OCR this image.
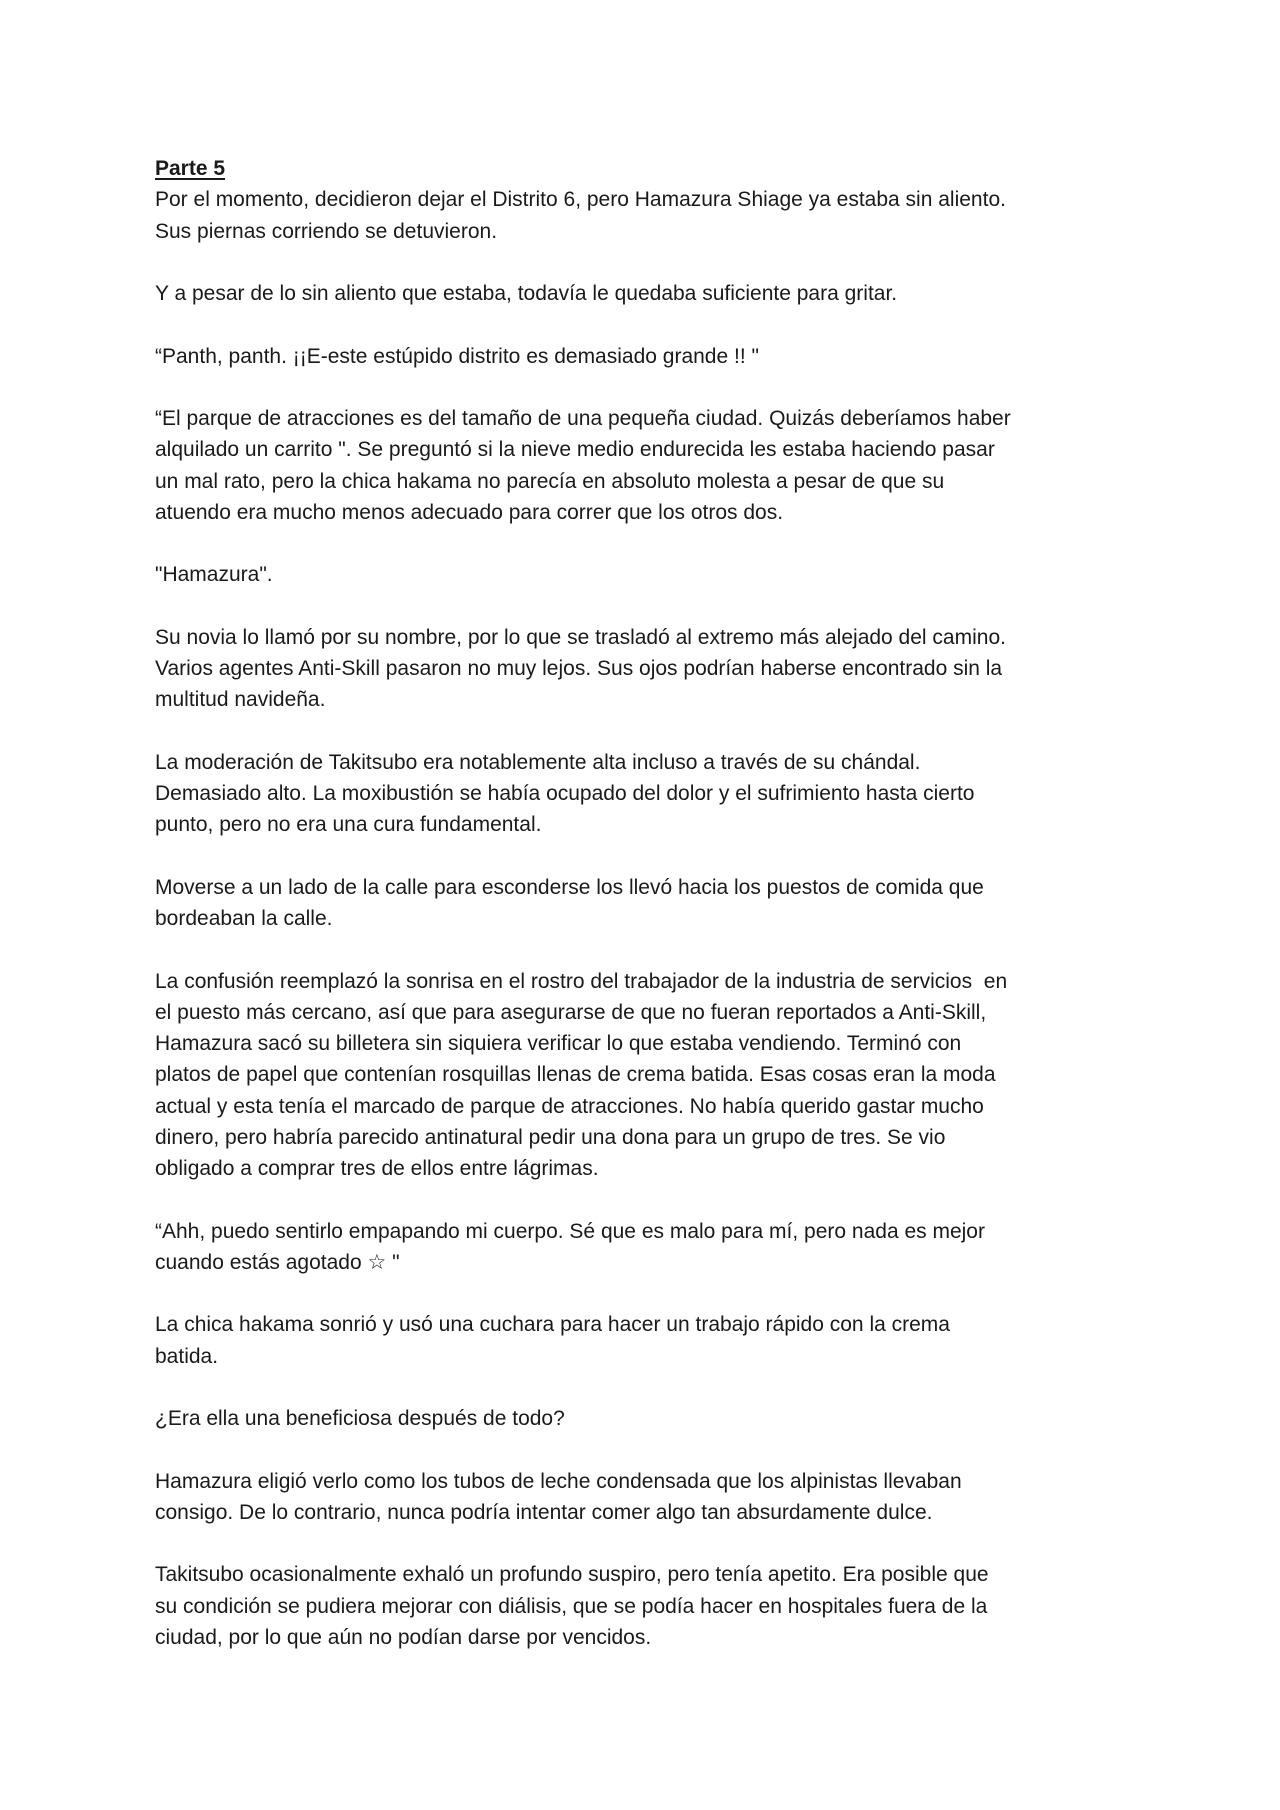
Parte 5
Por el momento, decidieron dejar el Distrito 6, pero Hamazura Shiage ya estaba sin aliento.
Sus piernas corriendo se detuvieron.
Y a pesar de lo sin aliento que estaba, todavía le quedaba suficiente para gritar.
“Panth, panth. ¡¡E-este estúpido distrito es demasiado grande !! "
“El parque de atracciones es del tamaño de una pequeña ciudad. Quizás deberíamos haber
alquilado un carrito ". Se preguntó si la nieve medio endurecida les estaba haciendo pasar
un mal rato, pero la chica hakama no parecía en absoluto molesta a pesar de que su
atuendo era mucho menos adecuado para correr que los otros dos.
"Hamazura".
Su novia lo llamó por su nombre, por lo que se trasladó al extremo más alejado del camino.
Varios agentes Anti-Skill pasaron no muy lejos. Sus ojos podrían haberse encontrado sin la
multitud navideña.
La moderación de Takitsubo era notablemente alta incluso a través de su chándal.
Demasiado alto. La moxibustión se había ocupado del dolor y el sufrimiento hasta cierto
punto, pero no era una cura fundamental.
Moverse a un lado de la calle para esconderse los llevó hacia los puestos de comida que
bordeaban la calle.
La confusión reemplazó la sonrisa en el rostro del trabajador de la industria de servicios  en
el puesto más cercano, así que para asegurarse de que no fueran reportados a Anti-Skill,
Hamazura sacó su billetera sin siquiera verificar lo que estaba vendiendo. Terminó con
platos de papel que contenían rosquillas llenas de crema batida. Esas cosas eran la moda
actual y esta tenía el marcado de parque de atracciones. No había querido gastar mucho
dinero, pero habría parecido antinatural pedir una dona para un grupo de tres. Se vio
obligado a comprar tres de ellos entre lágrimas.
“Ahh, puedo sentirlo empapando mi cuerpo. Sé que es malo para mí, pero nada es mejor
cuando estás agotado ☆ "
La chica hakama sonrió y usó una cuchara para hacer un trabajo rápido con la crema
batida.
¿Era ella una beneficiosa después de todo?
Hamazura eligió verlo como los tubos de leche condensada que los alpinistas llevaban
consigo. De lo contrario, nunca podría intentar comer algo tan absurdamente dulce.
Takitsubo ocasionalmente exhaló un profundo suspiro, pero tenía apetito. Era posible que
su condición se pudiera mejorar con diálisis, que se podía hacer en hospitales fuera de la
ciudad, por lo que aún no podían darse por vencidos.
